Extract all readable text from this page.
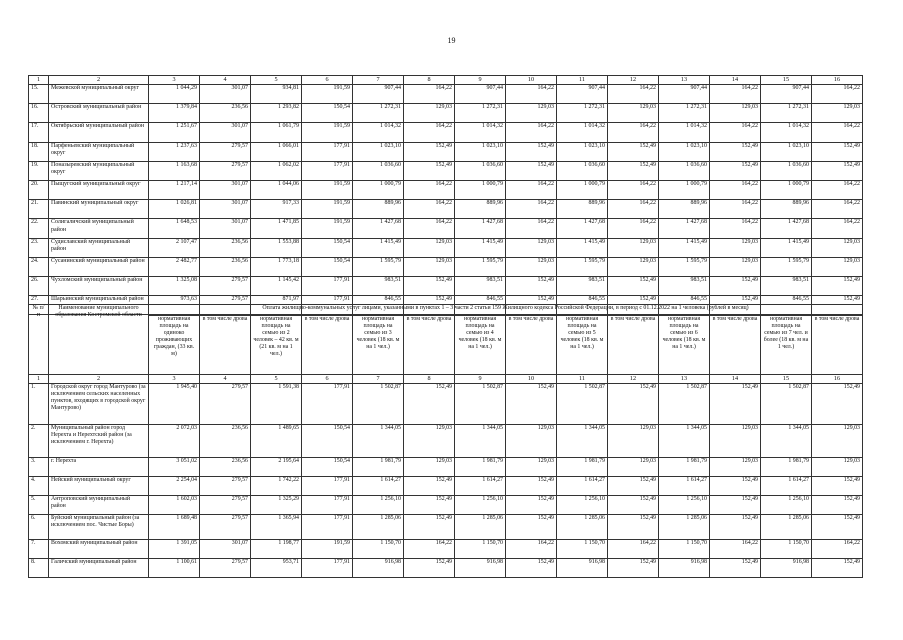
19
1	2	3	4	5	6	7	8	9	10	11	12	13	14	15	16
15.	Межевской муниципальный округ	1 044,29	301,07	934,81	191,59	907,44	164,22	907,44	164,22	907,44	164,22	907,44	164,22	907,44	164,22
16.	Островский муниципальный район	1 379,84	236,56	1 293,82	150,54	1 272,31	129,03	1 272,31	129,03	1 272,31	129,03	1 272,31	129,03	1 272,31	129,03
17.	Октябрьский муниципальный район	1 251,67	301,07	1 061,79	191,59	1 014,32	164,22	1 014,32	164,22	1 014,32	164,22	1 014,32	164,22	1 014,32	164,22
18.	Парфеньевский муниципальный округ	1 237,63	279,57	1 066,01	177,91	1 023,10	152,49	1 023,10	152,49	1 023,10	152,49	1 023,10	152,49	1 023,10	152,49
19.	Поназыревский муниципальный округ	1 163,68	279,57	1 062,02	177,91	1 036,60	152,49	1 036,60	152,49	1 036,60	152,49	1 036,60	152,49	1 036,60	152,49
20.	Пыщугский муниципальный округ	1 217,14	301,07	1 044,06	191,59	1 000,79	164,22	1 000,79	164,22	1 000,79	164,22	1 000,79	164,22	1 000,79	164,22
21.	Павинский муниципальный округ	1 026,81	301,07	917,33	191,59	889,96	164,22	889,96	164,22	889,96	164,22	889,96	164,22	889,96	164,22
22.	Солигаличский муниципальный район	1 648,53	301,07	1 471,85	191,59	1 427,68	164,22	1 427,68	164,22	1 427,68	164,22	1 427,68	164,22	1 427,68	164,22
23.	Судиславский муниципальный район	2 107,47	236,56	1 553,88	150,54	1 415,49	129,03	1 415,49	129,03	1 415,49	129,03	1 415,49	129,03	1 415,49	129,03
24.	Сусанинский муниципальный район	2 482,77	236,56	1 773,18	150,54	1 595,79	129,03	1 595,79	129,03	1 595,79	129,03	1 595,79	129,03	1 595,79	129,03
26.	Чухломский муниципальный район	1 325,08	279,57	1 145,42	177,91	983,51	152,49	983,51	152,49	983,51	152,49	983,51	152,49	983,51	152,49
27.	Шарьинский муниципальный район	973,63	279,57	871,97	177,91	846,55	152,49	846,55	152,49	846,55	152,49	846,55	152,49	846,55	152,49
№ п/п	Наименование муниципального образования Костромской области	Оплата жилищно-коммунальных услуг лицами, указанными в пунктах 1 – 3 части 2 статьи 159 Жилищного кодекса Российской Федерации, в период с 01.12.2022 на 1 человека (рублей в месяц)													
		нормативная площадь на одиноко проживающих граждан, (33 кв. м)	в том числе дрова	нормативная площадь на семью из 2 человек – 42 кв. м (21 кв. м на 1 чел.)	в том числе дрова	нормативная площадь на семью из 3 человек (18 кв. м на 1 чел.)	в том числе дрова	нормативная площадь на семью из 4 человек (18 кв. м на 1 чел.)	в том числе дрова	нормативная площадь на семью из 5 человек (18 кв. м на 1 чел.)	в том числе дрова	нормативная площадь на семью из 6 человек (18 кв. м на 1 чел.)	в том числе дрова	нормативная площадь на семью из 7 чел. и более (18 кв. м на 1 чел.)	в том числе дрова
1	2	3	4	5	6	7	8	9	10	11	12	13	14	15	16
1.	Городской округ город Мантурово (за исключением сельских населенных пунктов, входящих в городской округ Мантурово)	1 945,40	279,57	1 591,38	177,91	1 502,87	152,49	1 502,87	152,49	1 502,87	152,49	1 502,87	152,49	1 502,87	152,49
2.	Муниципальный район город Нерехта и Нерехтский район (за исключением г. Нерехта)	2 072,03	236,56	1 489,65	150,54	1 344,05	129,03	1 344,05	129,03	1 344,05	129,03	1 344,05	129,03	1 344,05	129,03
3.	г. Нерехта	3 051,02	236,56	2 195,64	150,54	1 981,79	129,03	1 981,79	129,03	1 981,79	129,03	1 981,79	129,03	1 981,79	129,03
4.	Нейский муниципальный округ	2 254,04	279,57	1 742,22	177,91	1 614,27	152,49	1 614,27	152,49	1 614,27	152,49	1 614,27	152,49	1 614,27	152,49
5.	Антроповский муниципальный район	1 602,03	279,57	1 325,29	177,91	1 256,10	152,49	1 256,10	152,49	1 256,10	152,49	1 256,10	152,49	1 256,10	152,49
6.	Буйский муниципальный район (за исключением пос. Чистые Боры)	1 689,48	279,57	1 365,94	177,91	1 285,06	152,49	1 285,06	152,49	1 285,06	152,49	1 285,06	152,49	1 285,06	152,49
7.	Вохомский муниципальный район	1 391,05	301,07	1 198,77	191,59	1 150,70	164,22	1 150,70	164,22	1 150,70	164,22	1 150,70	164,22	1 150,70	164,22
8.	Галичский муниципальный район	1 100,61	279,57	953,71	177,91	916,98	152,49	916,98	152,49	916,98	152,49	916,98	152,49	916,98	152,49
